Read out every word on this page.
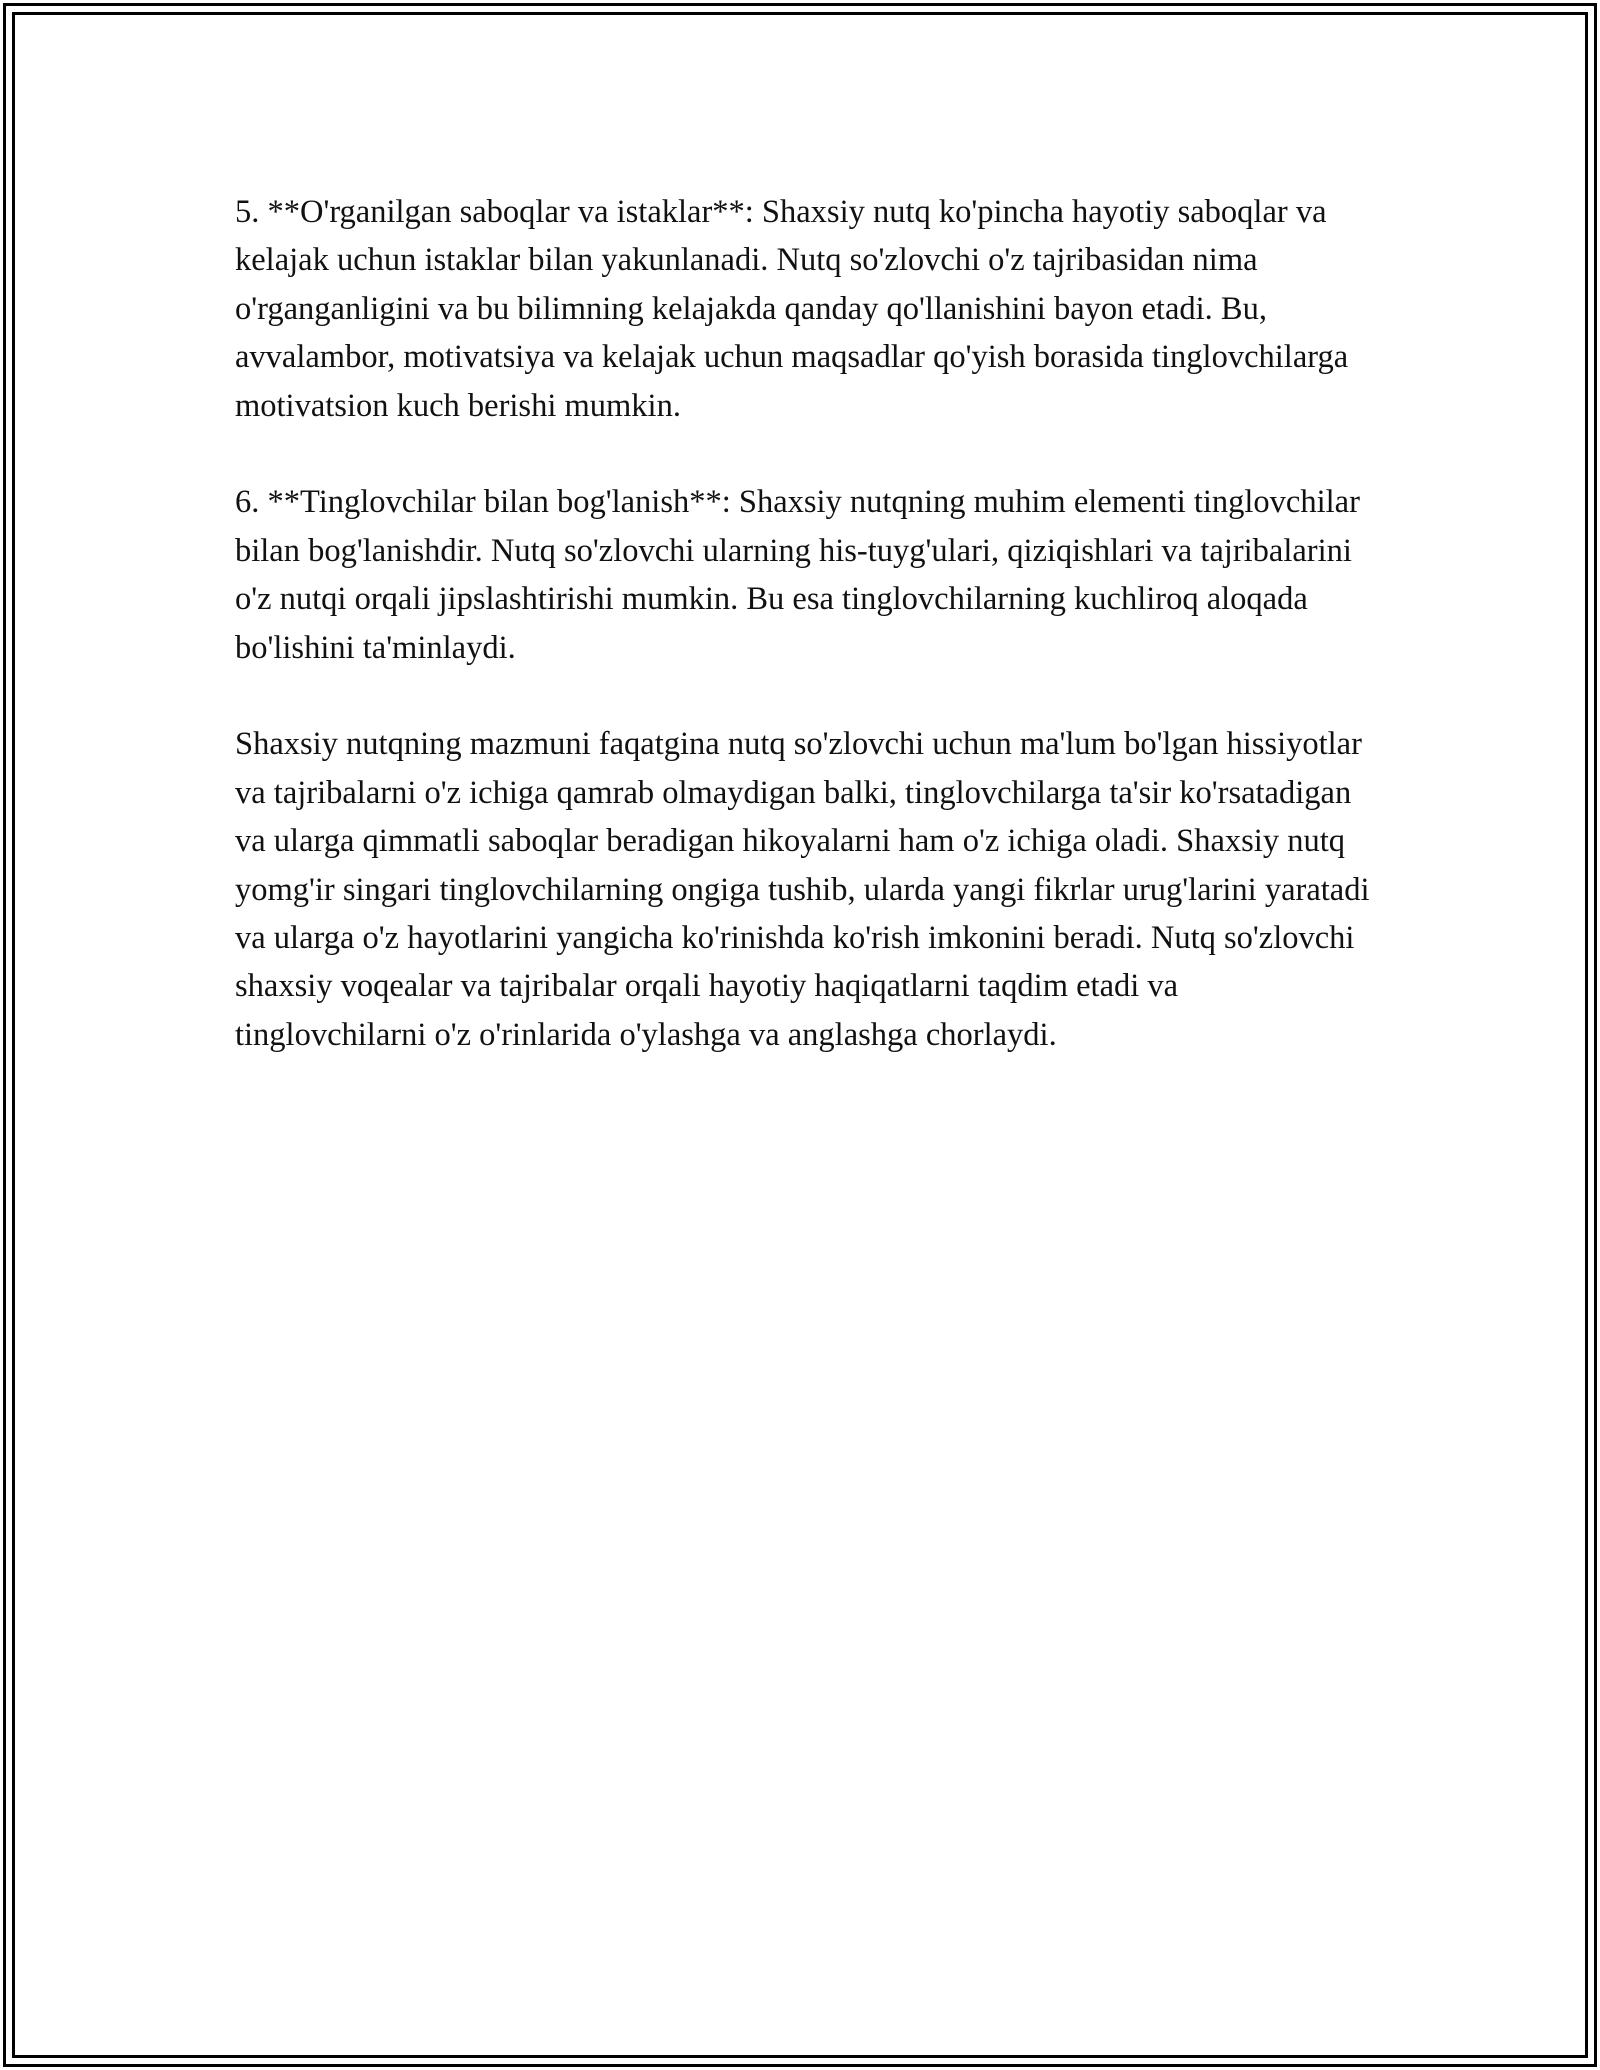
5. **O'rganilgan saboqlar va istaklar**: Shaxsiy nutq ko'pincha hayotiy saboqlar va kelajak uchun istaklar bilan yakunlanadi. Nutq so'zlovchi o'z tajribasidan nima o'rganganligini va bu bilimning kelajakda qanday qo'llanishini bayon etadi. Bu, avvalambor, motivatsiya va kelajak uchun maqsadlar qo'yish borasida tinglovchilarga motivatsion kuch berishi mumkin.

6. **Tinglovchilar bilan bog'lanish**: Shaxsiy nutqning muhim elementi tinglovchilar bilan bog'lanishdir. Nutq so'zlovchi ularning his-tuyg'ulari, qiziqishlari va tajribalarini o'z nutqi orqali jipslashtirishi mumkin. Bu esa tinglovchilarning kuchliroq aloqada bo'lishini ta'minlaydi.

Shaxsiy nutqning mazmuni faqatgina nutq so'zlovchi uchun ma'lum bo'lgan hissiyotlar va tajribalarni o'z ichiga qamrab olmaydigan balki, tinglovchilarga ta'sir ko'rsatadigan va ularga qimmatli saboqlar beradigan hikoyalarni ham o'z ichiga oladi. Shaxsiy nutq yomg'ir singari tinglovchilarning ongiga tushib, ularda yangi fikrlar urug'larini yaratadi va ularga o'z hayotlarini yangicha ko'rinishda ko'rish imkonini beradi. Nutq so'zlovchi shaxsiy voqealar va tajribalar orqali hayotiy haqiqatlarni taqdim etadi va tinglovchilarni o'z o'rinlarida o'ylashga va anglashga chorlaydi.
